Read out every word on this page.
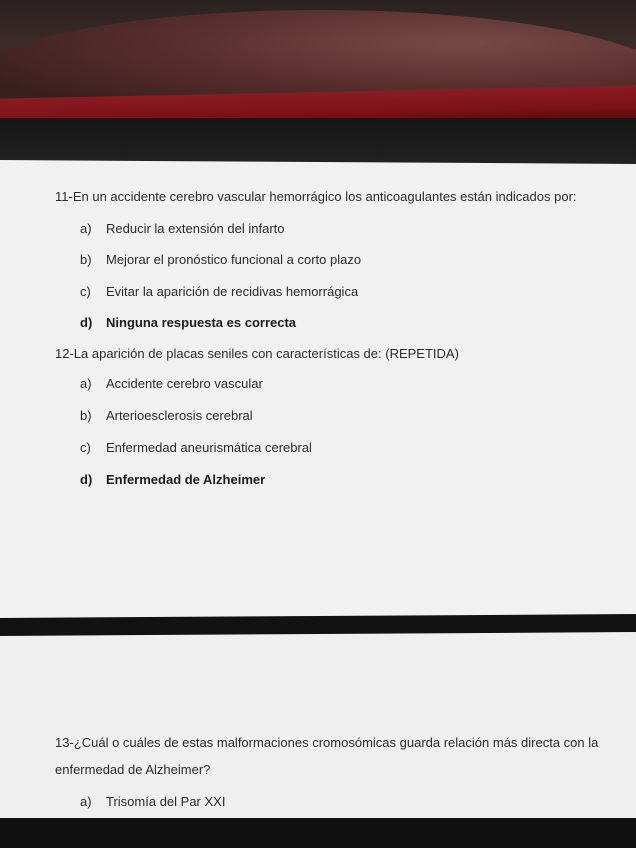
11-En un accidente cerebro vascular hemorrágico los anticoagulantes están indicados por:
a) Reducir la extensión del infarto
b) Mejorar el pronóstico funcional a corto plazo
c) Evitar la aparición de recidivas hemorrágica
d) Ninguna respuesta es correcta
12-La aparición de placas seniles con características de: (REPETIDA)
a) Accidente cerebro vascular
b) Arterioesclerosis cerebral
c) Enfermedad aneurismática cerebral
d) Enfermedad de Alzheimer
13-¿Cuál o cuáles de estas malformaciones cromosómicas guarda relación más directa con la
enfermedad de Alzheimer?
a) Trisomía del Par XXI
